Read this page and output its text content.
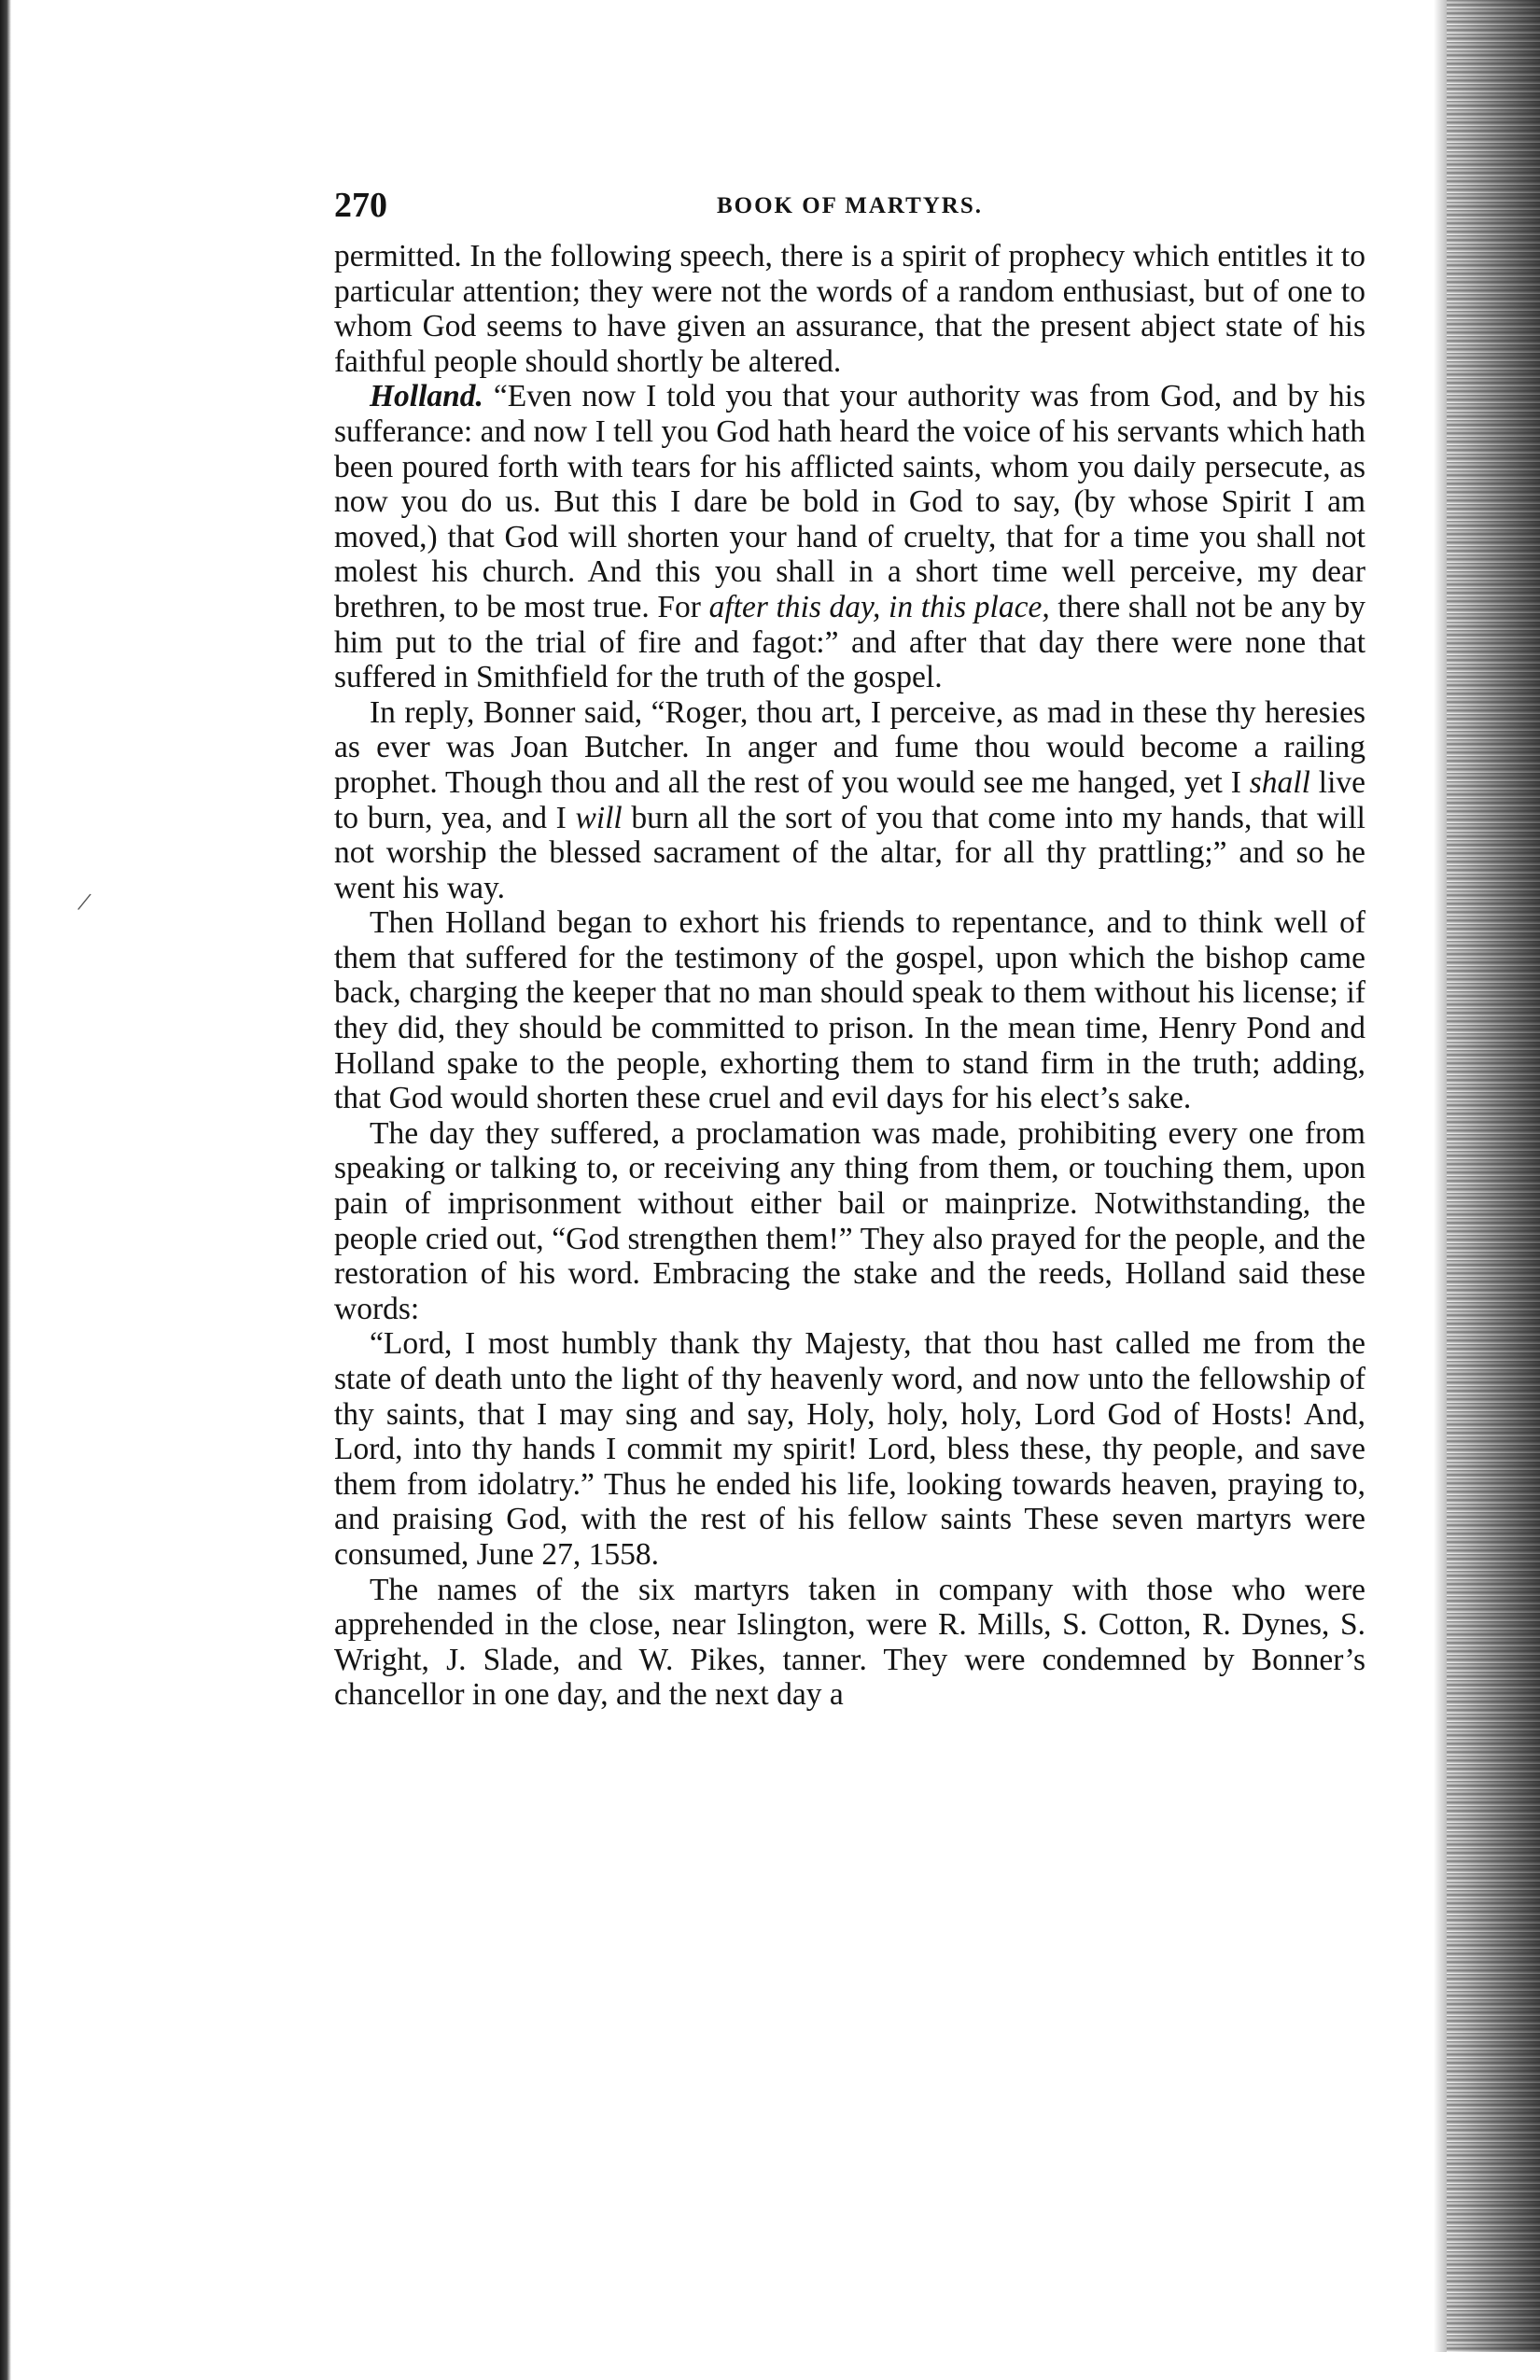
/
270	BOOK OF MARTYRS.

permitted. In the following speech, there is a spirit of prophecy which entitles it to particular attention; they were not the words of a random enthusiast, but of one to whom God seems to have given an assurance, that the present abject state of his faithful people should shortly be altered.

Holland. “Even now I told you that your authority was from God, and by his sufferance: and now I tell you God hath heard the voice of his servants which hath been poured forth with tears for his afflicted saints, whom you daily persecute, as now you do us. But this I dare be bold in God to say, (by whose Spirit I am moved,) that God will shorten your hand of cruelty, that for a time you shall not molest his church. And this you shall in a short time well perceive, my dear brethren, to be most true. For after this day, in this place, there shall not be any by him put to the trial of fire and fagot:” and after that day there were none that suffered in Smithfield for the truth of the gospel.

In reply, Bonner said, “Roger, thou art, I perceive, as mad in these thy heresies as ever was Joan Butcher. In anger and fume thou would become a railing prophet. Though thou and all the rest of you would see me hanged, yet I shall live to burn, yea, and I will burn all the sort of you that come into my hands, that will not worship the blessed sacrament of the altar, for all thy prattling;” and so he went his way.

Then Holland began to exhort his friends to repentance, and to think well of them that suffered for the testimony of the gospel, upon which the bishop came back, charging the keeper that no man should speak to them without his license; if they did, they should be committed to prison. In the mean time, Henry Pond and Holland spake to the people, exhorting them to stand firm in the truth; adding, that God would shorten these cruel and evil days for his elect’s sake.

The day they suffered, a proclamation was made, prohibiting every one from speaking or talking to, or receiving any thing from them, or touching them, upon pain of imprisonment without either bail or mainprize. Notwithstanding, the people cried out, “God strengthen them!” They also prayed for the people, and the restoration of his word. Embracing the stake and the reeds, Holland said these words:

“Lord, I most humbly thank thy Majesty, that thou hast called me from the state of death unto the light of thy heavenly word, and now unto the fellowship of thy saints, that I may sing and say, Holy, holy, holy, Lord God of Hosts! And, Lord, into thy hands I commit my spirit! Lord, bless these, thy people, and save them from idolatry.” Thus he ended his life, looking towards heaven, praying to, and praising God, with the rest of his fellow saints These seven martyrs were consumed, June 27, 1558.

The names of the six martyrs taken in company with those who were apprehended in the close, near Islington, were R. Mills, S. Cotton, R. Dynes, S. Wright, J. Slade, and W. Pikes, tanner. They were condemned by Bonner’s chancellor in one day, and the next day a
